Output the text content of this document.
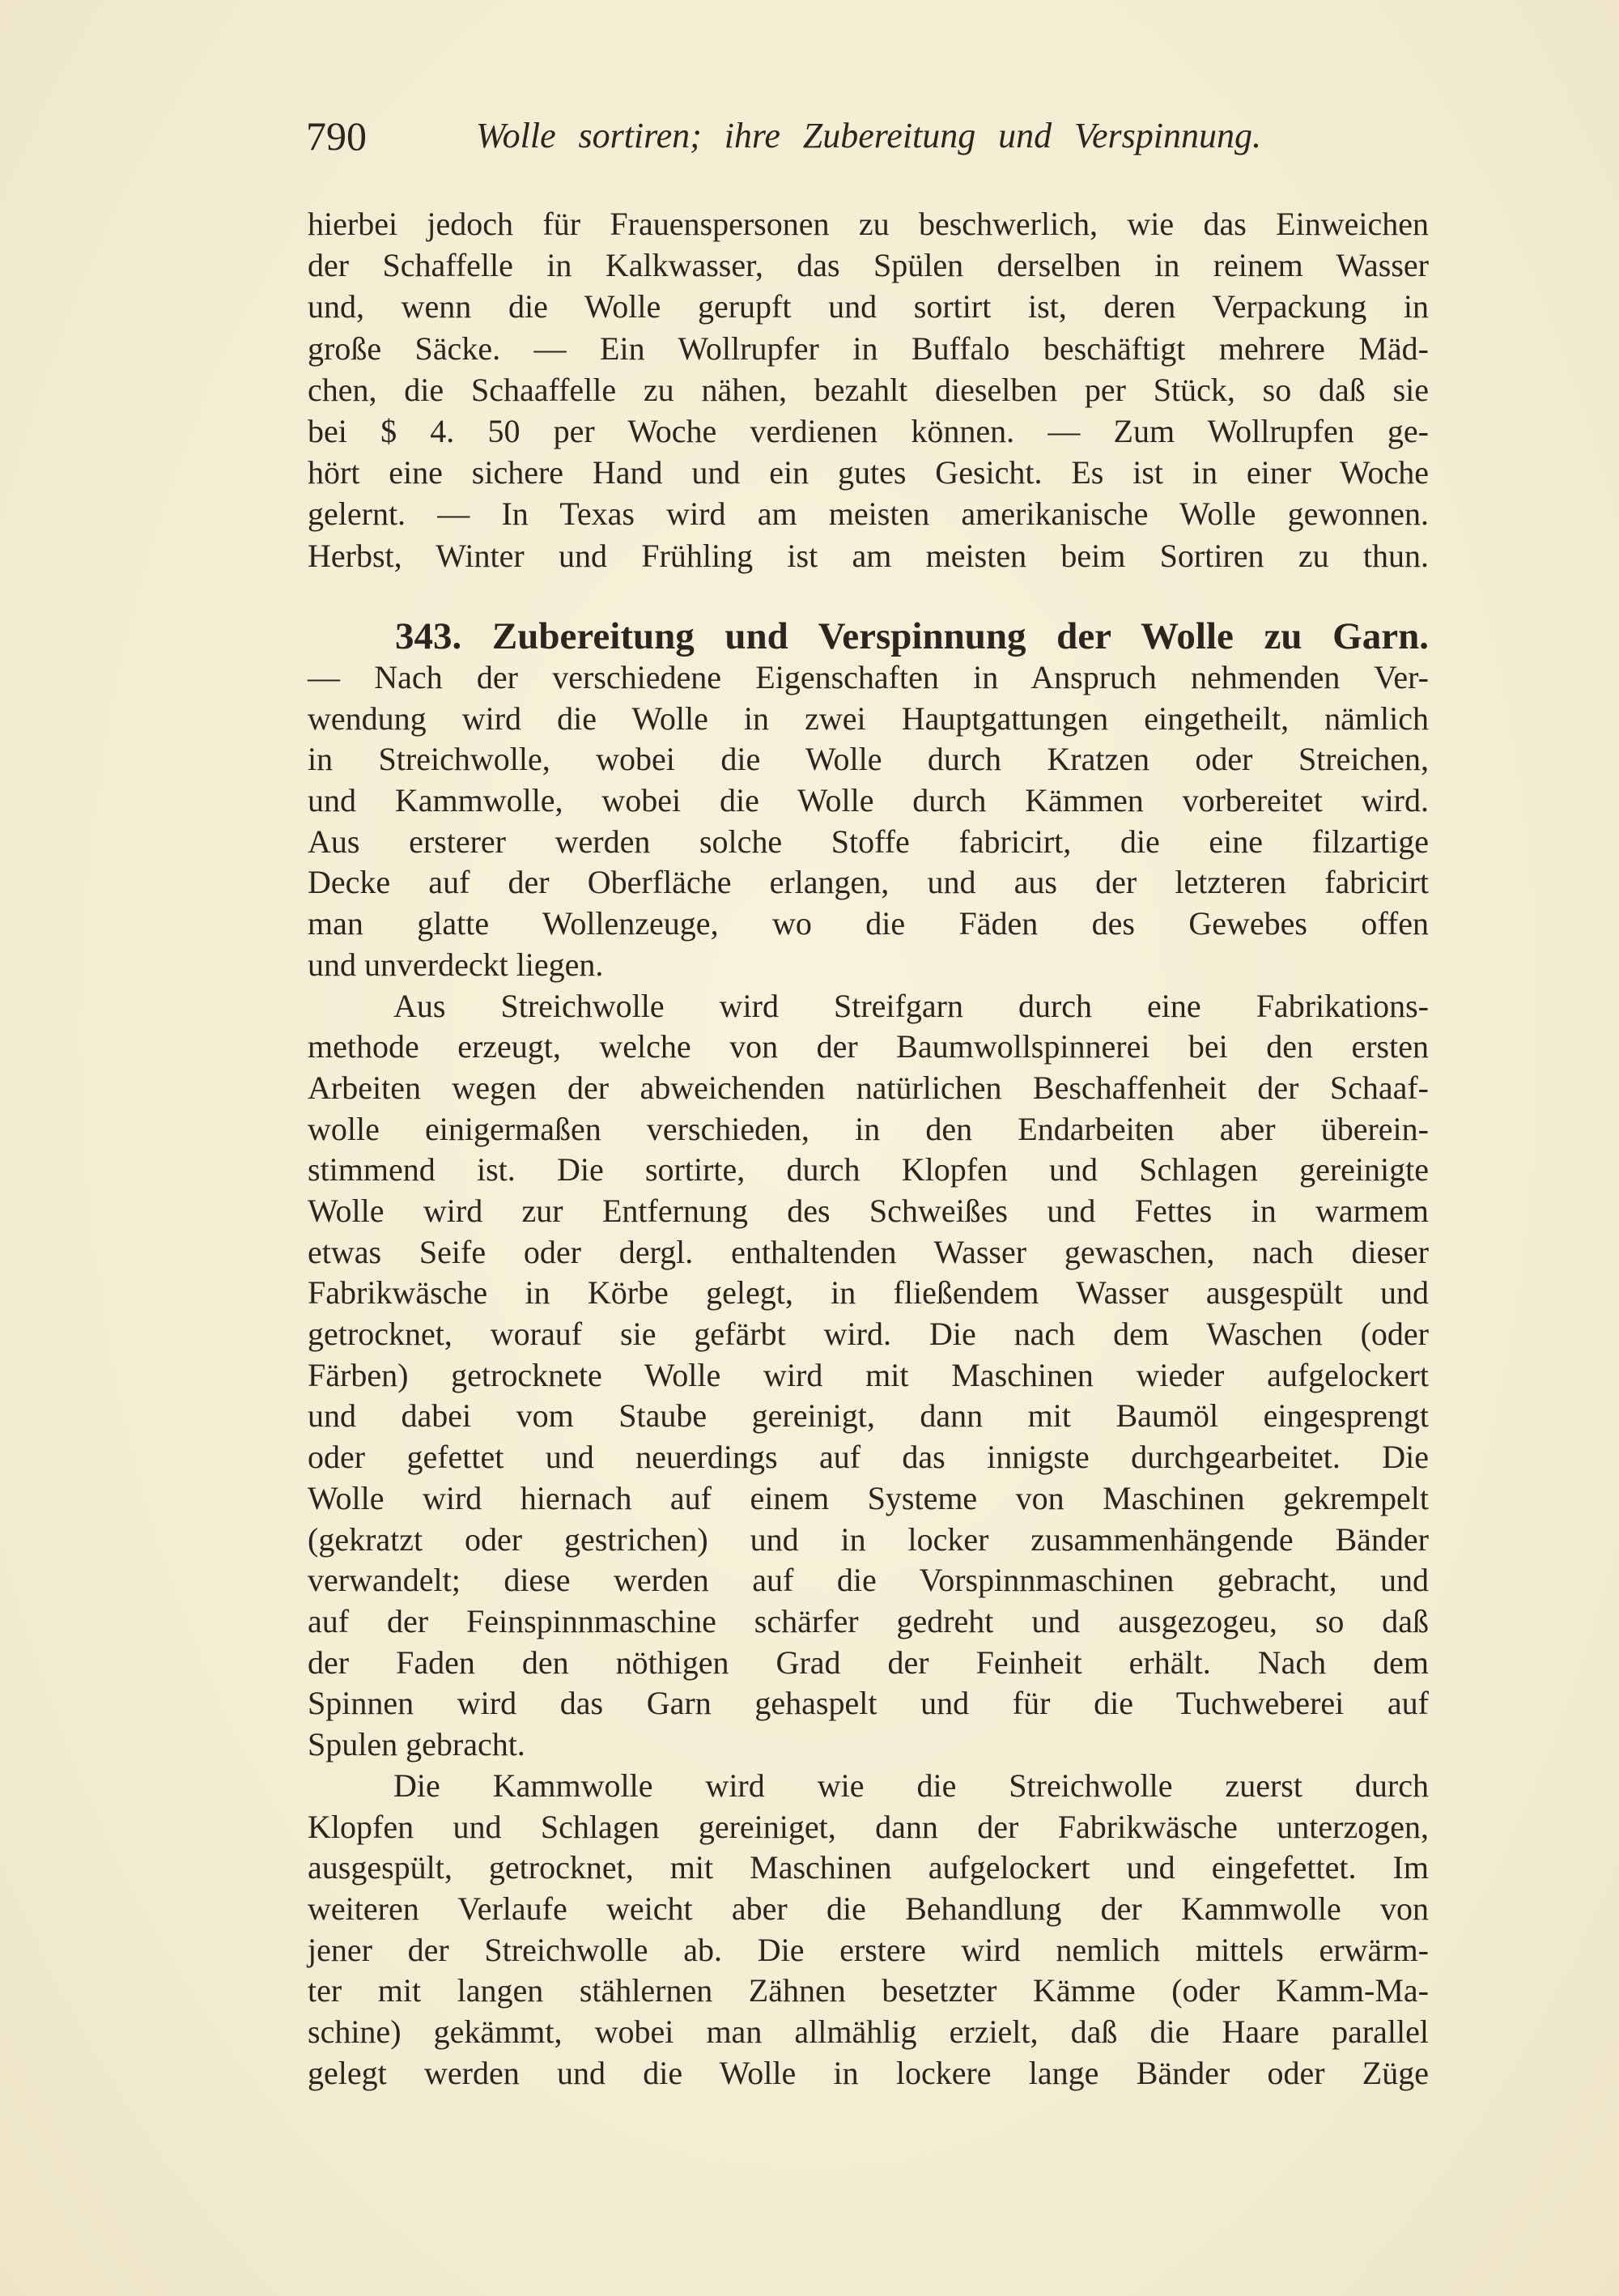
790	Wolle sortiren; ihre Zubereitung und Verspinnung.
hierbei jedoch für Frauenspersonen zu beschwerlich, wie das Einweichen
der Schaffelle in Kalkwasser, das Spülen derselben in reinem Wasser
und, wenn die Wolle gerupft und sortirt ist, deren Verpackung in
große Säcke. — Ein Wollrupfer in Buffalo beschäftigt mehrere Mäd-
chen, die Schaaffelle zu nähen, bezahlt dieselben per Stück, so daß sie
bei $ 4. 50 per Woche verdienen können. — Zum Wollrupfen ge-
hört eine sichere Hand und ein gutes Gesicht. Es ist in einer Woche
gelernt. — In Texas wird am meisten amerikanische Wolle gewonnen.
Herbst, Winter und Frühling ist am meisten beim Sortiren zu thun.
343. Zubereitung und Verspinnung der Wolle zu Garn.
— Nach der verschiedene Eigenschaften in Anspruch nehmenden Ver-
wendung wird die Wolle in zwei Hauptgattungen eingetheilt, nämlich
in Streichwolle, wobei die Wolle durch Kratzen oder Streichen,
und Kammwolle, wobei die Wolle durch Kämmen vorbereitet wird.
Aus ersterer werden solche Stoffe fabricirt, die eine filzartige
Decke auf der Oberfläche erlangen, und aus der letzteren fabricirt
man glatte Wollenzeuge, wo die Fäden des Gewebes offen
und unverdeckt liegen.
Aus Streichwolle wird Streifgarn durch eine Fabrikations-
methode erzeugt, welche von der Baumwollspinnerei bei den ersten
Arbeiten wegen der abweichenden natürlichen Beschaffenheit der Schaaf-
wolle einigermaßen verschieden, in den Endarbeiten aber überein-
stimmend ist. Die sortirte, durch Klopfen und Schlagen gereinigte
Wolle wird zur Entfernung des Schweißes und Fettes in warmem
etwas Seife oder dergl. enthaltenden Wasser gewaschen, nach dieser
Fabrikwäsche in Körbe gelegt, in fließendem Wasser ausgespült und
getrocknet, worauf sie gefärbt wird. Die nach dem Waschen (oder
Färben) getrocknete Wolle wird mit Maschinen wieder aufgelockert
und dabei vom Staube gereinigt, dann mit Baumöl eingesprengt
oder gefettet und neuerdings auf das innigste durchgearbeitet. Die
Wolle wird hiernach auf einem Systeme von Maschinen gekrempelt
(gekratzt oder gestrichen) und in locker zusammenhängende Bänder
verwandelt; diese werden auf die Vorspinnmaschinen gebracht, und
auf der Feinspinnmaschine schärfer gedreht und ausgezogeu, so daß
der Faden den nöthigen Grad der Feinheit erhält. Nach dem
Spinnen wird das Garn gehaspelt und für die Tuchweberei auf
Spulen gebracht.
Die Kammwolle wird wie die Streichwolle zuerst durch
Klopfen und Schlagen gereiniget, dann der Fabrikwäsche unterzogen,
ausgespült, getrocknet, mit Maschinen aufgelockert und eingefettet. Im
weiteren Verlaufe weicht aber die Behandlung der Kammwolle von
jener der Streichwolle ab. Die erstere wird nemlich mittels erwärm-
ter mit langen stählernen Zähnen besetzter Kämme (oder Kamm-Ma-
schine) gekämmt, wobei man allmählig erzielt, daß die Haare parallel
gelegt werden und die Wolle in lockere lange Bänder oder Züge
